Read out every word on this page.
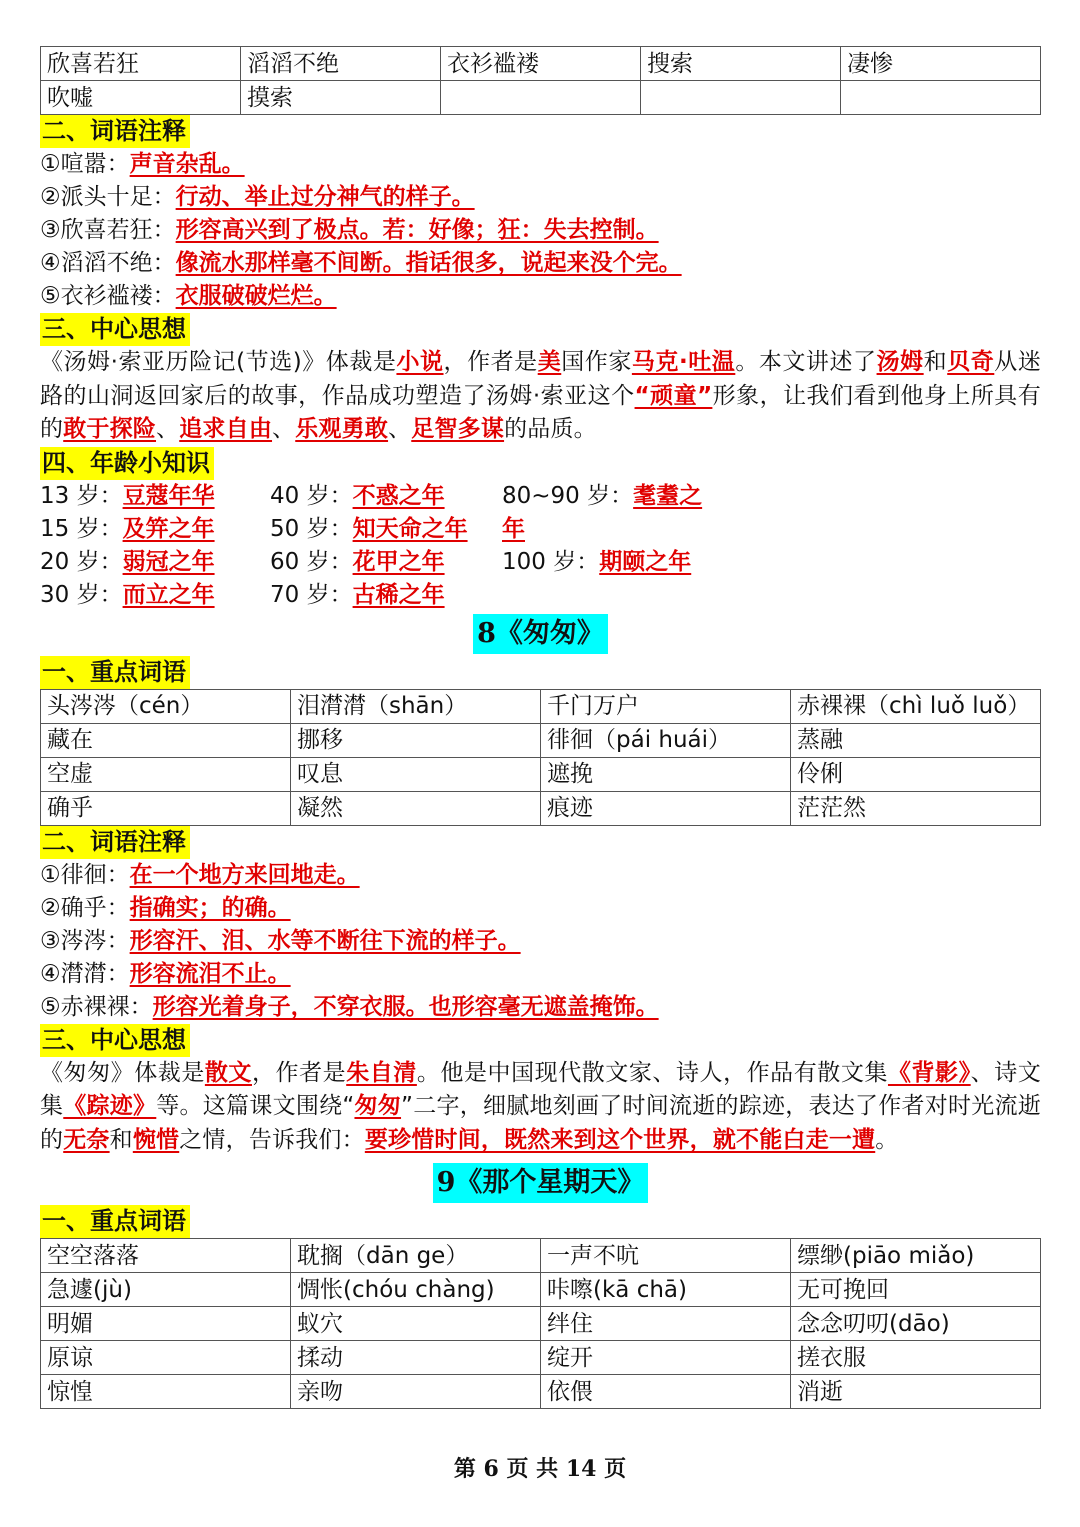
欣喜若狂	滔滔不绝	衣衫褴褛	搜索	凄惨
吹嘘	摸索			
二、词语注释
①喧嚣：声音杂乱。
②派头十足：行动、举止过分神气的样子。
③欣喜若狂：形容高兴到了极点。若：好像；狂：失去控制。
④滔滔不绝：像流水那样毫不间断。指话很多，说起来没个完。
⑤衣衫褴褛：衣服破破烂烂。
三、中心思想
《汤姆·索亚历险记(节选)》体裁是小说，作者是美国作家马克·吐温。本文讲述了汤姆和贝奇从迷路的山洞返回家后的故事，作品成功塑造了汤姆·索亚这个“顽童”形象，让我们看到他身上所具有的敢于探险、追求自由、乐观勇敢、足智多谋的品质。
四、年龄小知识
13 岁：豆蔻年华	40 岁：不惑之年	80~90 岁：耄耋之
15 岁：及笄之年	50 岁：知天命之年	年
20 岁：弱冠之年	60 岁：花甲之年	100 岁：期颐之年
30 岁：而立之年	70 岁：古稀之年
8《匆匆》
一、重点词语
头涔涔（cén）	泪潸潸（shān）	千门万户	赤裸裸（chì luǒ luǒ）
藏在	挪移	徘徊（pái huái）	蒸融
空虚	叹息	遮挽	伶俐
确乎	凝然	痕迹	茫茫然
二、词语注释
①徘徊：在一个地方来回地走。
②确乎：指确实；的确。
③涔涔：形容汗、泪、水等不断往下流的样子。
④潸潸：形容流泪不止。
⑤赤裸裸：形容光着身子，不穿衣服。也形容毫无遮盖掩饰。
三、中心思想
《匆匆》体裁是散文，作者是朱自清。他是中国现代散文家、诗人，作品有散文集《背影》、诗文集《踪迹》等。这篇课文围绕“匆匆”二字，细腻地刻画了时间流逝的踪迹，表达了作者对时光流逝的无奈和惋惜之情，告诉我们：要珍惜时间，既然来到这个世界，就不能白走一遭。
9《那个星期天》
一、重点词语
空空落落	耽搁（dān ge）	一声不吭	缥缈(piāo miǎo)
急遽(jù)	惆怅(chóu chàng)	咔嚓(kā chā)	无可挽回
明媚	蚁穴	绊住	念念叨叨(dāo)
原谅	揉动	绽开	搓衣服
惊惶	亲吻	依偎	消逝
第 6 页 共 14 页
